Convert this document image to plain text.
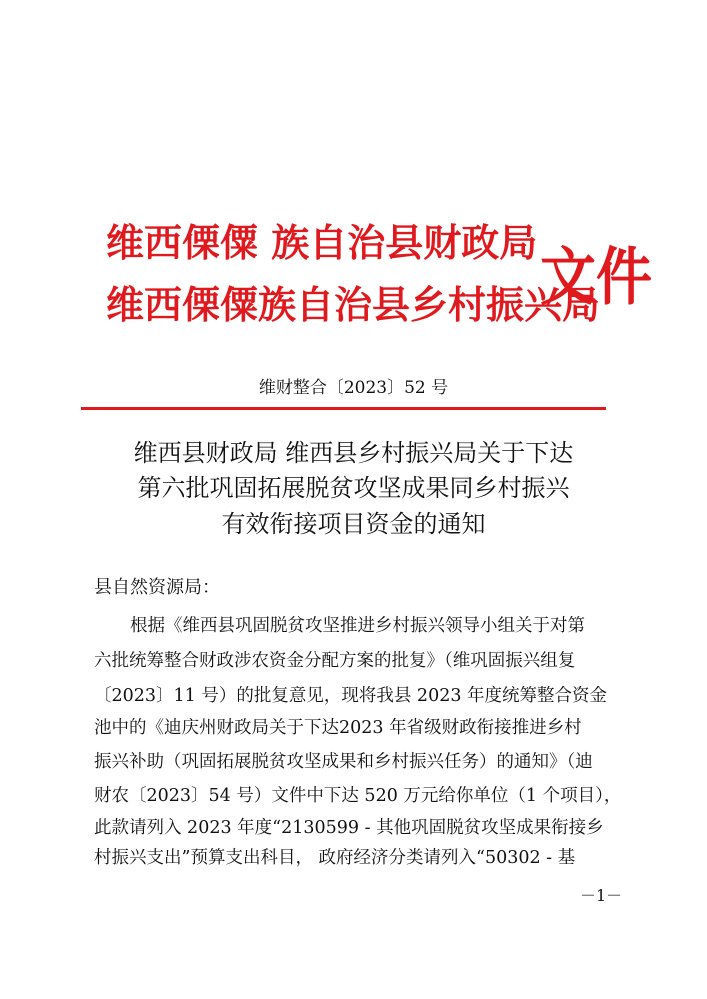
维西傈僳 族自治县财政局
维西傈僳族自治县乡村振兴局
文件
维财整合〔2023〕52 号
维西县财政局 维西县乡村振兴局关于下达
第六批巩固拓展脱贫攻坚成果同乡村振兴
有效衔接项目资金的通知
县自然资源局：
根据《维西县巩固脱贫攻坚推进乡村振兴领导小组关于对第
六批统筹整合财政涉农资金分配方案的批复》（维巩固振兴组复
〔2023〕11 号）的批复意见，现将我县 2023 年度统筹整合资金
池中的《迪庆州财政局关于下达2023 年省级财政衔接推进乡村
振兴补助（巩固拓展脱贫攻坚成果和乡村振兴任务）的通知》（迪
财农〔2023〕54 号）文件中下达 520 万元给你单位（1 个项目），
此款请列入 2023 年度“2130599 - 其他巩固脱贫攻坚成果衔接乡
村振兴支出”预算支出科目， 政府经济分类请列入“50302 - 基
－1－
